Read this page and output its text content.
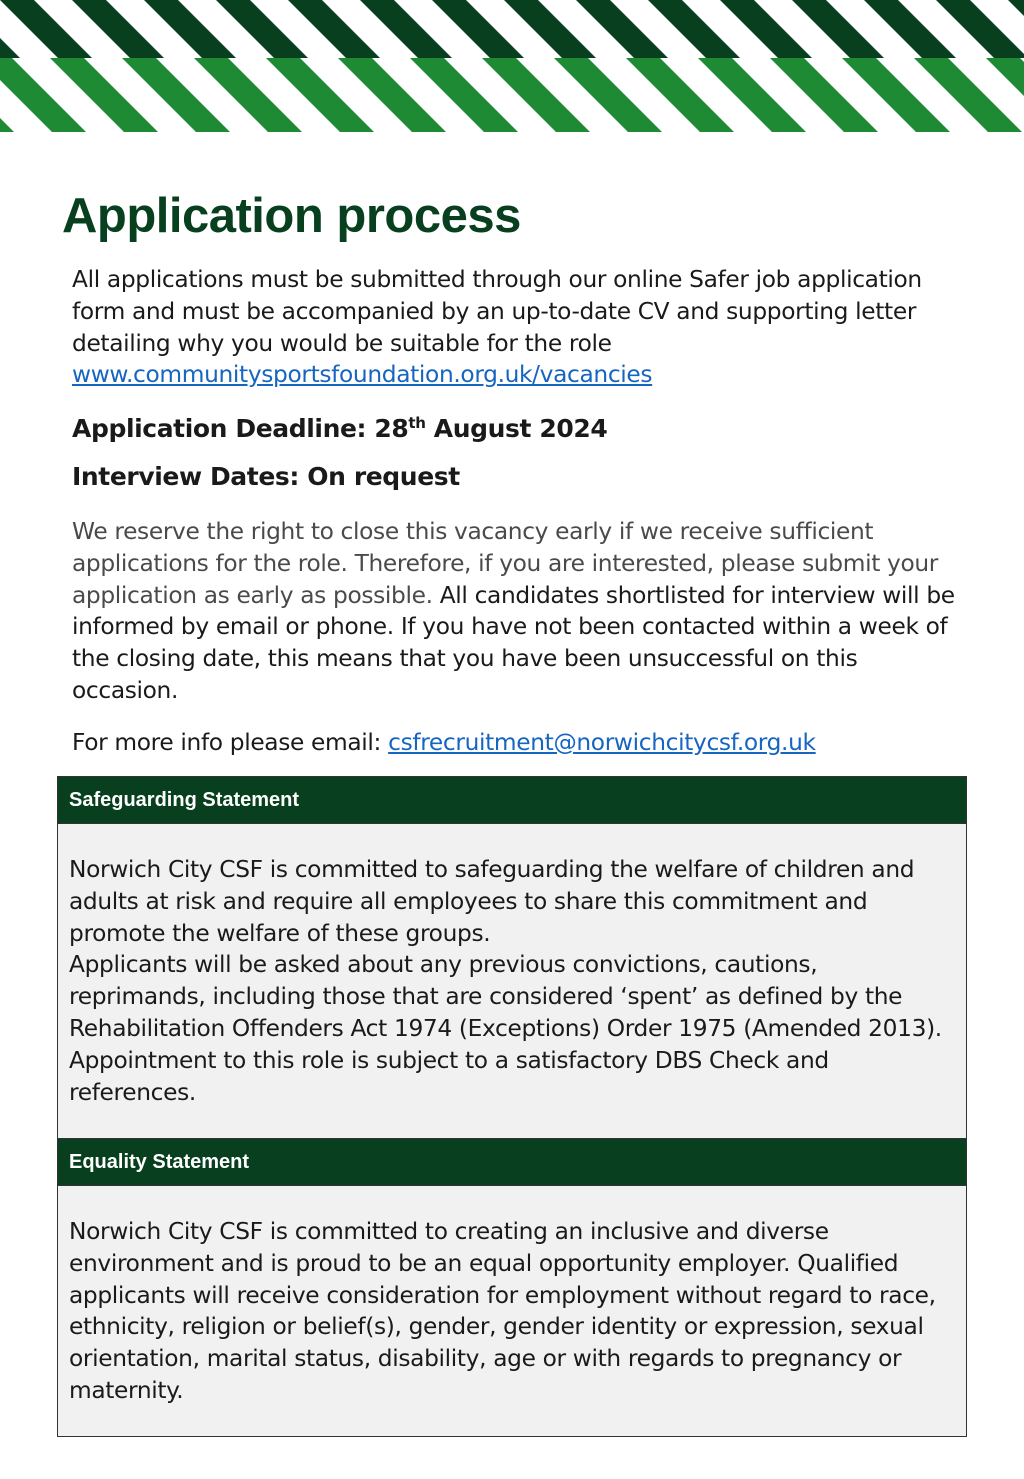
Application process

All applications must be submitted through our online Safer job application form and must be accompanied by an up-to-date CV and supporting letter detailing why you would be suitable for the role
www.communitysportsfoundation.org.uk/vacancies

Application Deadline: 28th August 2024

Interview Dates: On request

We reserve the right to close this vacancy early if we receive sufficient applications for the role. Therefore, if you are interested, please submit your application as early as possible. All candidates shortlisted for interview will be informed by email or phone. If you have not been contacted within a week of the closing date, this means that you have been unsuccessful on this occasion.

For more info please email: csfrecruitment@norwichcitycsf.org.uk

Safeguarding Statement
Norwich City CSF is committed to safeguarding the welfare of children and adults at risk and require all employees to share this commitment and promote the welfare of these groups.
Applicants will be asked about any previous convictions, cautions, reprimands, including those that are considered ‘spent’ as defined by the Rehabilitation Offenders Act 1974 (Exceptions) Order 1975 (Amended 2013). Appointment to this role is subject to a satisfactory DBS Check and references.
Equality Statement
Norwich City CSF is committed to creating an inclusive and diverse environment and is proud to be an equal opportunity employer. Qualified applicants will receive consideration for employment without regard to race, ethnicity, religion or belief(s), gender, gender identity or expression, sexual orientation, marital status, disability, age or with regards to pregnancy or maternity.
